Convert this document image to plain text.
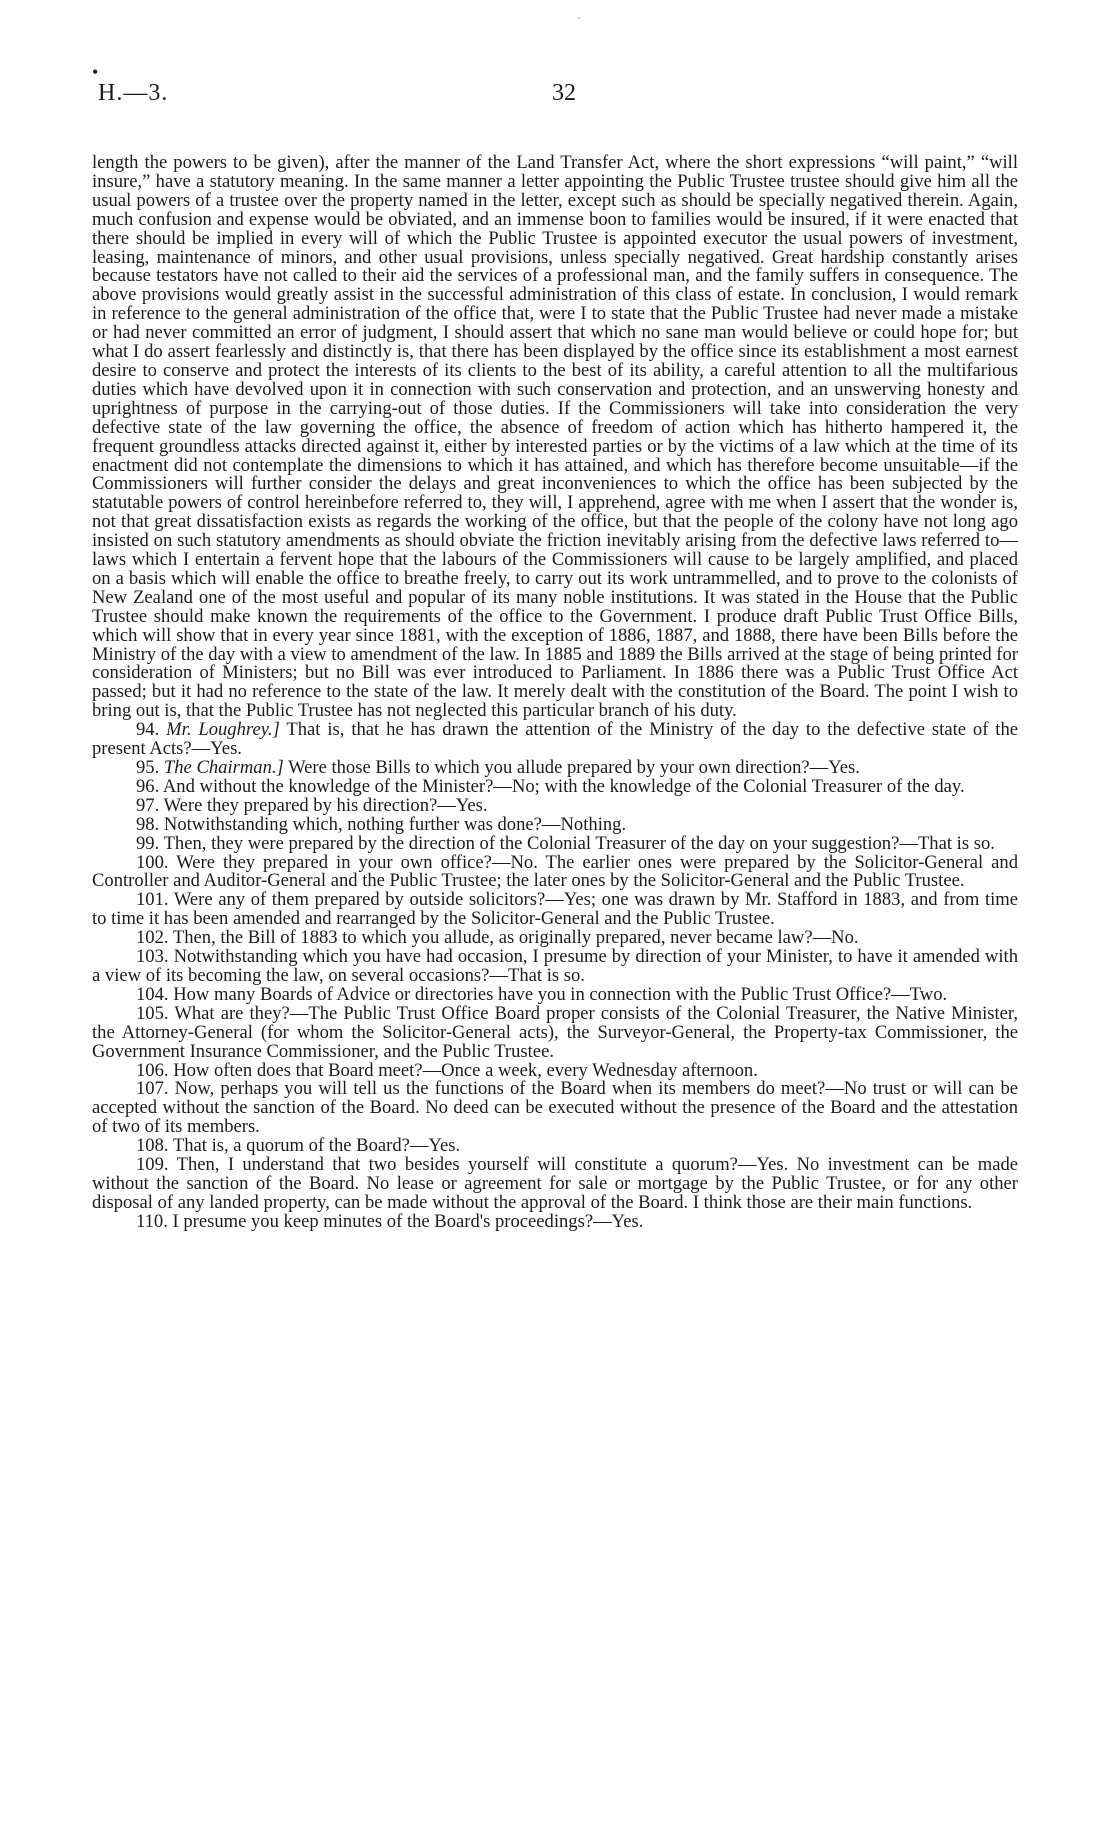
-
•
H.—3.	32

length the powers to be given), after the manner of the Land Transfer Act, where the short expressions “will paint,” “will insure,” have a statutory meaning. In the same manner a letter appointing the Public Trustee trustee should give him all the usual powers of a trustee over the property named in the letter, except such as should be specially negatived therein. Again, much confusion and expense would be obviated, and an immense boon to families would be insured, if it were enacted that there should be implied in every will of which the Public Trustee is appointed executor the usual powers of investment, leasing, maintenance of minors, and other usual provisions, unless specially negatived. Great hardship constantly arises because testators have not called to their aid the services of a professional man, and the family suffers in consequence. The above provisions would greatly assist in the successful administration of this class of estate. In conclusion, I would remark in reference to the general administration of the office that, were I to state that the Public Trustee had never made a mistake or had never committed an error of judgment, I should assert that which no sane man would believe or could hope for; but what I do assert fearlessly and distinctly is, that there has been displayed by the office since its establishment a most earnest desire to conserve and protect the interests of its clients to the best of its ability, a careful attention to all the multifarious duties which have devolved upon it in connection with such conservation and protection, and an unswerving honesty and uprightness of purpose in the carrying-out of those duties. If the Commissioners will take into consideration the very defective state of the law governing the office, the absence of freedom of action which has hitherto hampered it, the frequent groundless attacks directed against it, either by interested parties or by the victims of a law which at the time of its enactment did not contemplate the dimensions to which it has attained, and which has therefore become unsuitable—if the Commissioners will further consider the delays and great inconveniences to which the office has been subjected by the statutable powers of control hereinbefore referred to, they will, I apprehend, agree with me when I assert that the wonder is, not that great dissatisfaction exists as regards the working of the office, but that the people of the colony have not long ago insisted on such statutory amendments as should obviate the friction inevitably arising from the defective laws referred to—laws which I entertain a fervent hope that the labours of the Commissioners will cause to be largely amplified, and placed on a basis which will enable the office to breathe freely, to carry out its work untrammelled, and to prove to the colonists of New Zealand one of the most useful and popular of its many noble institutions. It was stated in the House that the Public Trustee should make known the requirements of the office to the Government. I produce draft Public Trust Office Bills, which will show that in every year since 1881, with the exception of 1886, 1887, and 1888, there have been Bills before the Ministry of the day with a view to amendment of the law. In 1885 and 1889 the Bills arrived at the stage of being printed for consideration of Ministers; but no Bill was ever introduced to Parliament. In 1886 there was a Public Trust Office Act passed; but it had no reference to the state of the law. It merely dealt with the constitution of the Board. The point I wish to bring out is, that the Public Trustee has not neglected this particular branch of his duty.

94. Mr. Loughrey.] That is, that he has drawn the attention of the Ministry of the day to the defective state of the present Acts?—Yes.

95. The Chairman.] Were those Bills to which you allude prepared by your own direction?—Yes.

96. And without the knowledge of the Minister?—No; with the knowledge of the Colonial Treasurer of the day.

97. Were they prepared by his direction?—Yes.

98. Notwithstanding which, nothing further was done?—Nothing.

99. Then, they were prepared by the direction of the Colonial Treasurer of the day on your suggestion?—That is so.

100. Were they prepared in your own office?—No. The earlier ones were prepared by the Solicitor-General and Controller and Auditor-General and the Public Trustee; the later ones by the Solicitor-General and the Public Trustee.

101. Were any of them prepared by outside solicitors?—Yes; one was drawn by Mr. Stafford in 1883, and from time to time it has been amended and rearranged by the Solicitor-General and the Public Trustee.

102. Then, the Bill of 1883 to which you allude, as originally prepared, never became law?—No.

103. Notwithstanding which you have had occasion, I presume by direction of your Minister, to have it amended with a view of its becoming the law, on several occasions?—That is so.

104. How many Boards of Advice or directories have you in connection with the Public Trust Office?—Two.

105. What are they?—The Public Trust Office Board proper consists of the Colonial Treasurer, the Native Minister, the Attorney-General (for whom the Solicitor-General acts), the Surveyor-General, the Property-tax Commissioner, the Government Insurance Commissioner, and the Public Trustee.

106. How often does that Board meet?—Once a week, every Wednesday afternoon.

107. Now, perhaps you will tell us the functions of the Board when its members do meet?—No trust or will can be accepted without the sanction of the Board. No deed can be executed without the presence of the Board and the attestation of two of its members.

108. That is, a quorum of the Board?—Yes.

109. Then, I understand that two besides yourself will constitute a quorum?—Yes. No investment can be made without the sanction of the Board. No lease or agreement for sale or mortgage by the Public Trustee, or for any other disposal of any landed property, can be made without the approval of the Board. I think those are their main functions.

110. I presume you keep minutes of the Board's proceedings?—Yes.
